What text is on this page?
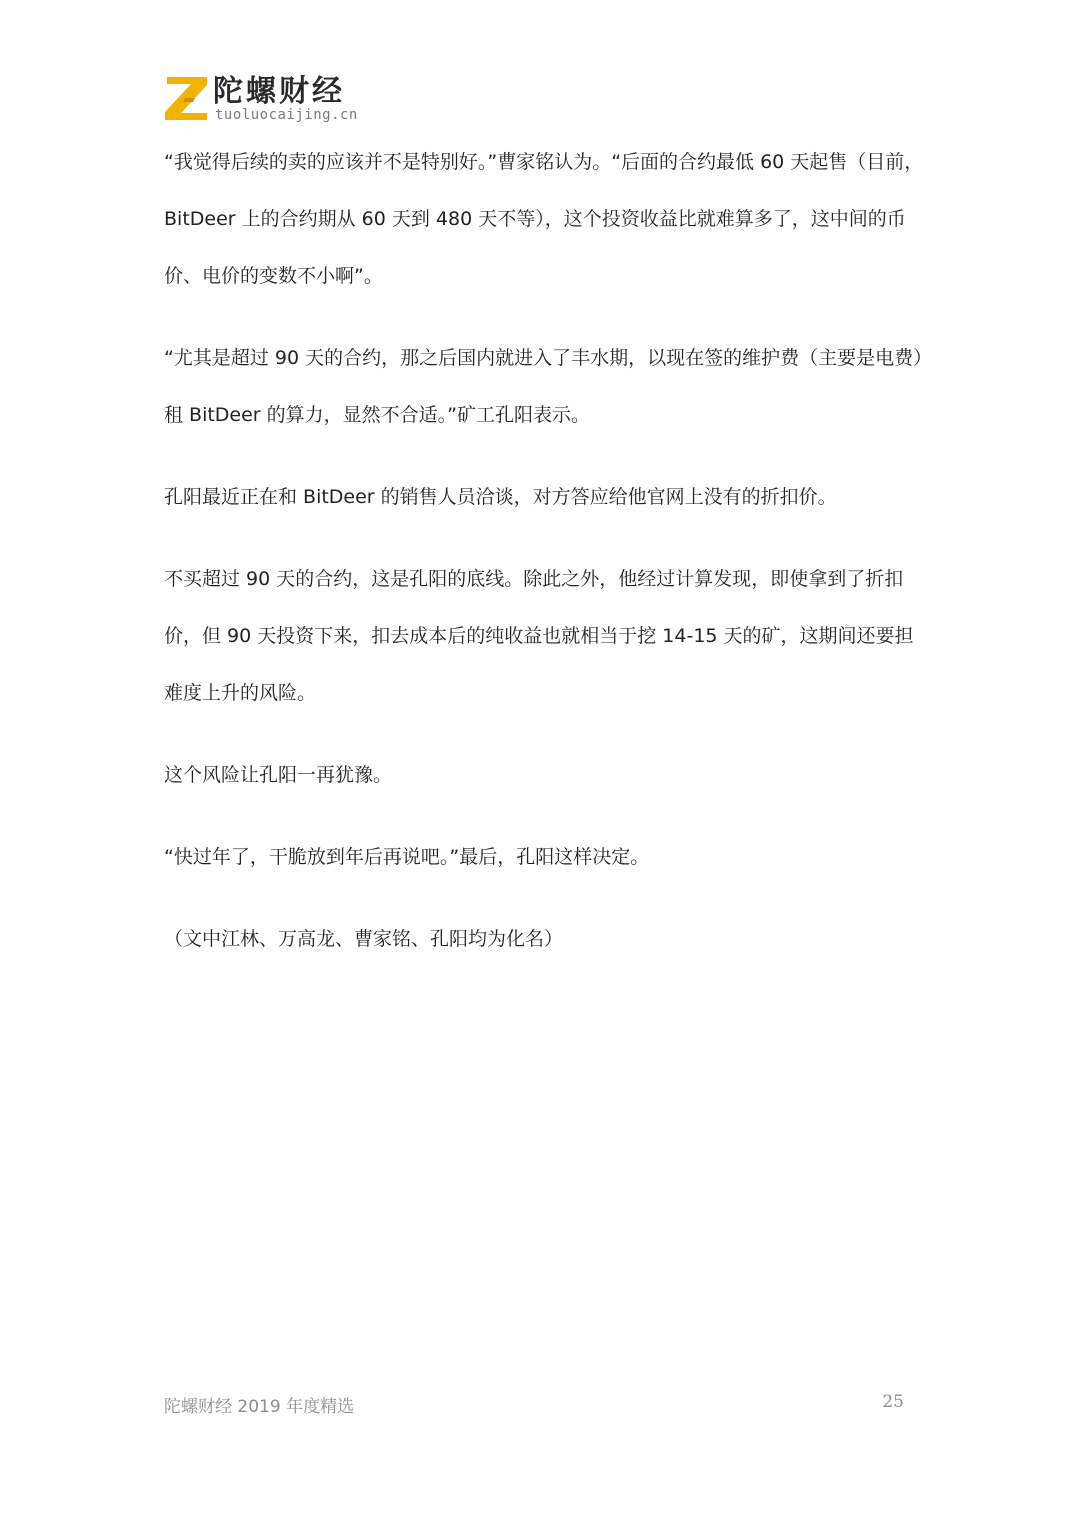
陀螺财经
tuoluocaijing.cn

“我觉得后续的卖的应该并不是特别好。”曹家铭认为。“后面的合约最低 60 天起售（目前，BitDeer 上的合约期从 60 天到 480 天不等），这个投资收益比就难算多了，这中间的币价、电价的变数不小啊”。

“尤其是超过 90 天的合约，那之后国内就进入了丰水期，以现在签的维护费（主要是电费）租 BitDeer 的算力，显然不合适。”矿工孔阳表示。

孔阳最近正在和 BitDeer 的销售人员洽谈，对方答应给他官网上没有的折扣价。

不买超过 90 天的合约，这是孔阳的底线。除此之外，他经过计算发现，即使拿到了折扣价，但 90 天投资下来，扣去成本后的纯收益也就相当于挖 14-15 天的矿，这期间还要担难度上升的风险。

这个风险让孔阳一再犹豫。

“快过年了，干脆放到年后再说吧。”最后，孔阳这样决定。

（文中江林、万高龙、曹家铭、孔阳均为化名）

陀螺财经 2019 年度精选	25
